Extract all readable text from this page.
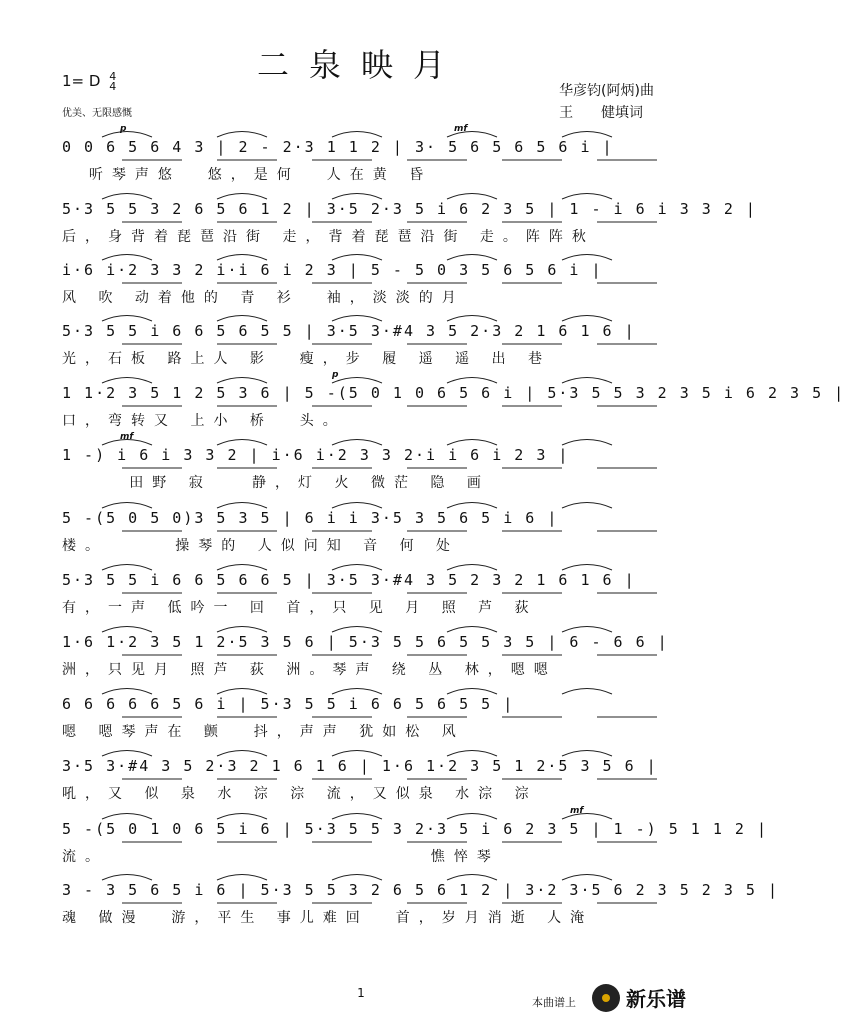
二泉映月
1= D 4
4
优美、无限感慨
华彦钧(阿炳)曲
王　　健填词
0 0 6 5 6 4 3 | 2 - 2·3 1 1 2 | 3· 5 6 5 6 5 6 i |
听琴声悠  悠，是何  人在黄 昏
p	mf
5·3 5 5 3 2 6 5 6 1 2 | 3·5 2·3 5 i 6 2 3 5 | 1 - i 6 i 3 3 2 |
后，身背着琵琶沿街 走，背着琵琶沿街 走。阵阵秋
i·6 i·2 3 3 2 i·i 6 i 2 3 | 5 - 5 0 3 5 6 5 6 i |
风 吹 动着他的 青 衫  袖，淡淡的月
5·3 5 5 i 6 6 5 6 5 5 | 3·5 3·#4 3 5 2·3 2 1 6 1 6 |
光，石板 路上人 影  瘦，步 履 遥 遥 出 巷
1 1·2 3 5 1 2 5 3 6 | 5 -(5 0 1 0 6 5 6 i | 5·3 5 5 3 2 3 5 i 6 2 3 5 |
口，弯转又 上小 桥  头。
p
1 -) i 6 i 3 3 2 | i·6 i·2 3 3 2·i i 6 i 2 3 |
田野 寂   静，灯 火 微茫 隐 画
mf
5 -(5 0 5 0)3 5 3 5 | 6 i i 3·5 3 5 6 5 i 6 |
楼。     操琴的 人似问知 音 何 处
5·3 5 5 i 6 6 5 6 6 5 | 3·5 3·#4 3 5 2 3 2 1 6 1 6 |
有，一声 低吟一 回 首，只 见 月 照 芦 荻
1·6 1·2 3 5 1 2·5 3 5 6 | 5·3 5 5 6 5 5 3 5 | 6 - 6 6 |
洲，只见月 照芦 荻 洲。琴声 绕 丛 林，嗯嗯
6 6 6 6 6 5 6 i | 5·3 5 5 i 6 6 5 6 5 5 |
嗯 嗯琴声在 颤  抖，声声 犹如松 风
3·5 3·#4 3 5 2·3 2 1 6 1 6 | 1·6 1·2 3 5 1 2·5 3 5 6 |
吼，又 似 泉 水 淙 淙 流，又似泉 水淙 淙
5 -(5 0 1 0 6 5 i 6 | 5·3 5 5 3 2·3 5 i 6 2 3 5 | 1 -) 5 1 1 2 |
流。                        憔悴琴
mf
3 - 3 5 6 5 i 6 | 5·3 5 5 3 2 6 5 6 1 2 | 3·2 3·5 6 2 3 5 2 3 5 |
魂 做漫  游，平生 事儿难回  首，岁月消逝 人淹
1
本曲谱上	新乐谱
